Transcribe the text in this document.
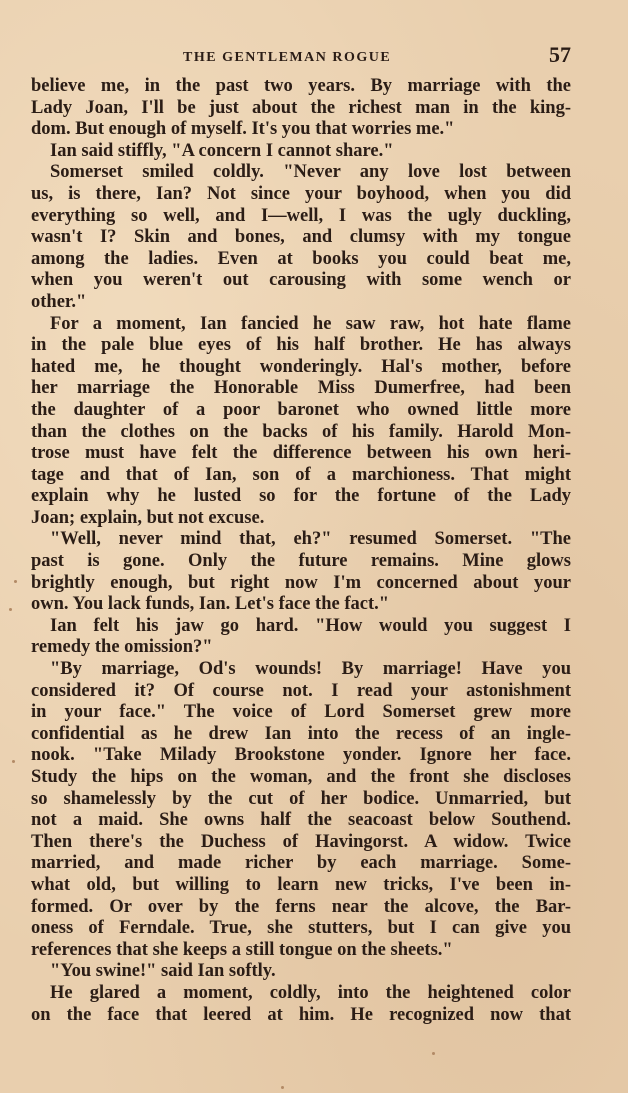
THE GENTLEMAN ROGUE	57
believe me, in the past two years. By marriage with the
Lady Joan, I'll be just about the richest man in the king-
dom. But enough of myself. It's you that worries me."
Ian said stiffly, "A concern I cannot share."
Somerset smiled coldly. "Never any love lost between
us, is there, Ian? Not since your boyhood, when you did
everything so well, and I—well, I was the ugly duckling,
wasn't I? Skin and bones, and clumsy with my tongue
among the ladies. Even at books you could beat me,
when you weren't out carousing with some wench or
other."
For a moment, Ian fancied he saw raw, hot hate flame
in the pale blue eyes of his half brother. He has always
hated me, he thought wonderingly. Hal's mother, before
her marriage the Honorable Miss Dumerfree, had been
the daughter of a poor baronet who owned little more
than the clothes on the backs of his family. Harold Mon-
trose must have felt the difference between his own heri-
tage and that of Ian, son of a marchioness. That might
explain why he lusted so for the fortune of the Lady
Joan; explain, but not excuse.
"Well, never mind that, eh?" resumed Somerset. "The
past is gone. Only the future remains. Mine glows
brightly enough, but right now I'm concerned about your
own. You lack funds, Ian. Let's face the fact."
Ian felt his jaw go hard. "How would you suggest I
remedy the omission?"
"By marriage, Od's wounds! By marriage! Have you
considered it? Of course not. I read your astonishment
in your face." The voice of Lord Somerset grew more
confidential as he drew Ian into the recess of an ingle-
nook. "Take Milady Brookstone yonder. Ignore her face.
Study the hips on the woman, and the front she discloses
so shamelessly by the cut of her bodice. Unmarried, but
not a maid. She owns half the seacoast below Southend.
Then there's the Duchess of Havingorst. A widow. Twice
married, and made richer by each marriage. Some-
what old, but willing to learn new tricks, I've been in-
formed. Or over by the ferns near the alcove, the Bar-
oness of Ferndale. True, she stutters, but I can give you
references that she keeps a still tongue on the sheets."
"You swine!" said Ian softly.
He glared a moment, coldly, into the heightened color
on the face that leered at him. He recognized now that
